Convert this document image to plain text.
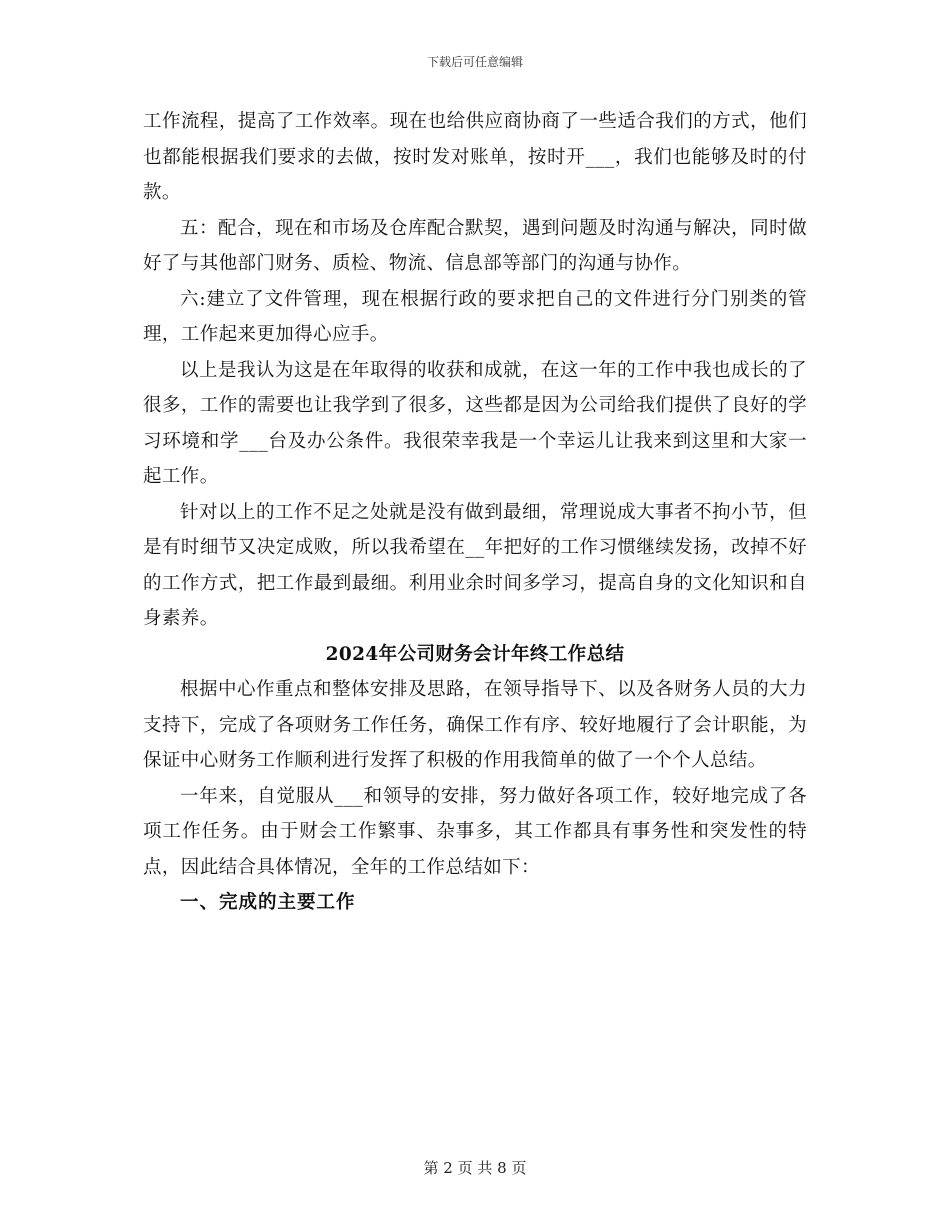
下载后可任意编辑

工作流程，提高了工作效率。现在也给供应商协商了一些适合我们的方式，他们也都能根据我们要求的去做，按时发对账单，按时开___，我们也能够及时的付款。

五：配合，现在和市场及仓库配合默契，遇到问题及时沟通与解决，同时做好了与其他部门财务、质检、物流、信息部等部门的沟通与协作。

六:建立了文件管理，现在根据行政的要求把自己的文件进行分门别类的管理，工作起来更加得心应手。

以上是我认为这是在年取得的收获和成就，在这一年的工作中我也成长的了很多，工作的需要也让我学到了很多，这些都是因为公司给我们提供了良好的学习环境和学___台及办公条件。我很荣幸我是一个幸运儿让我来到这里和大家一起工作。

针对以上的工作不足之处就是没有做到最细，常理说成大事者不拘小节，但是有时细节又决定成败，所以我希望在__年把好的工作习惯继续发扬，改掉不好的工作方式，把工作最到最细。利用业余时间多学习，提高自身的文化知识和自身素养。

2024年公司财务会计年终工作总结

根据中心作重点和整体安排及思路，在领导指导下、以及各财务人员的大力支持下，完成了各项财务工作任务，确保工作有序、较好地履行了会计职能，为保证中心财务工作顺利进行发挥了积极的作用我简单的做了一个个人总结。

一年来，自觉服从___和领导的安排，努力做好各项工作，较好地完成了各项工作任务。由于财会工作繁事、杂事多，其工作都具有事务性和突发性的特点，因此结合具体情况，全年的工作总结如下：

一、完成的主要工作

第 2 页 共 8 页
